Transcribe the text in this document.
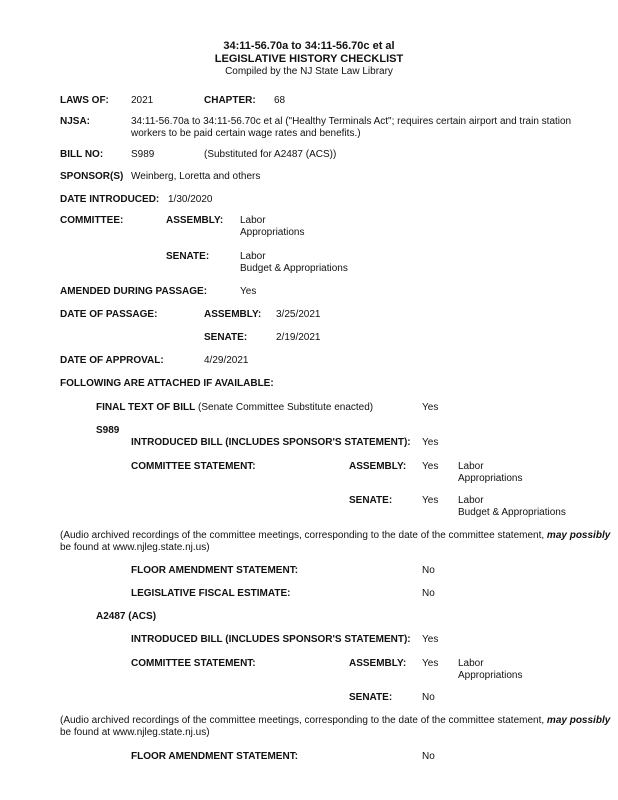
34:11-56.70a to 34:11-56.70c et al
LEGISLATIVE HISTORY CHECKLIST
Compiled by the NJ State Law Library
LAWS OF: 2021	CHAPTER: 68
NJSA:	34:11-56.70a to 34:11-56.70c et al ("Healthy Terminals Act"; requires certain airport and train station
workers to be paid certain wage rates and benefits.)
BILL NO:	S989	(Substituted for A2487 (ACS))
SPONSOR(S) Weinberg, Loretta and others
DATE INTRODUCED: 1/30/2020
COMMITTEE:	ASSEMBLY: Labor
Appropriations
SENATE:	Labor
Budget & Appropriations
AMENDED DURING PASSAGE:	Yes
DATE OF PASSAGE:	ASSEMBLY: 3/25/2021
SENATE:	2/19/2021
DATE OF APPROVAL:	4/29/2021
FOLLOWING ARE ATTACHED IF AVAILABLE:
FINAL TEXT OF BILL (Senate Committee Substitute enacted)	Yes
S989
INTRODUCED BILL (INCLUDES SPONSOR'S STATEMENT): Yes
COMMITTEE STATEMENT:	ASSEMBLY: Yes Labor
Appropriations
SENATE:	Yes Labor
Budget & Appropriations
(Audio archived recordings of the committee meetings, corresponding to the date of the committee statement, may possibly
be found at www.njleg.state.nj.us)
FLOOR AMENDMENT STATEMENT:	No
LEGISLATIVE FISCAL ESTIMATE:	No
A2487 (ACS)
INTRODUCED BILL (INCLUDES SPONSOR'S STATEMENT): Yes
COMMITTEE STATEMENT:	ASSEMBLY: Yes Labor
Appropriations
SENATE:	No
(Audio archived recordings of the committee meetings, corresponding to the date of the committee statement, may possibly
be found at www.njleg.state.nj.us)
FLOOR AMENDMENT STATEMENT:	No
